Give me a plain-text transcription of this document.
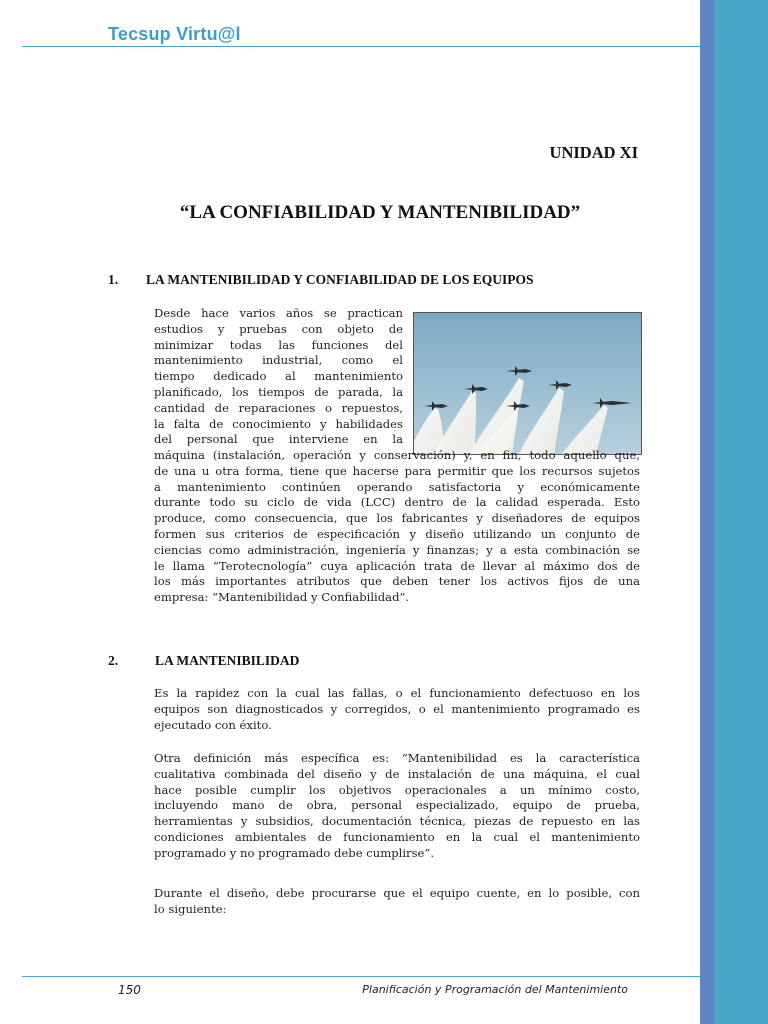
Tecsup Virtu@l
UNIDAD XI
“LA CONFIABILIDAD Y MANTENIBILIDAD”
1. LA MANTENIBILIDAD Y CONFIABILIDAD DE LOS EQUIPOS
Desde hace varios años se practican
estudios y pruebas con objeto de
minimizar todas las funciones del
mantenimiento industrial, como el
tiempo dedicado al mantenimiento
planificado, los tiempos de parada, la
cantidad de reparaciones o repuestos,
la falta de conocimiento y habilidades
del personal que interviene en la
máquina (instalación, operación y conservación) y, en fin, todo aquello que,
de una u otra forma, tiene que hacerse para permitir que los recursos sujetos
a mantenimiento continúen operando satisfactoria y económicamente
durante todo su ciclo de vida (LCC) dentro de la calidad esperada. Esto
produce, como consecuencia, que los fabricantes y diseñadores de equipos
formen sus criterios de especificación y diseño utilizando un conjunto de
ciencias como administración, ingeniería y finanzas; y a esta combinación se
le llama “Terotecnología” cuya aplicación trata de llevar al máximo dos de
los más importantes atributos que deben tener los activos fijos de una
empresa: “Mantenibilidad y Confiabilidad”.
2.	LA MANTENIBILIDAD
Es la rapidez con la cual las fallas, o el funcionamiento defectuoso en los
equipos son diagnosticados y corregidos, o el mantenimiento programado es
ejecutado con éxito.
Otra definición más específica es: “Mantenibilidad es la característica
cualitativa combinada del diseño y de instalación de una máquina, el cual
hace posible cumplir los objetivos operacionales a un mínimo costo,
incluyendo mano de obra, personal especializado, equipo de prueba,
herramientas y subsidios, documentación técnica, piezas de repuesto en las
condiciones ambientales de funcionamiento en la cual el mantenimiento
programado y no programado debe cumplirse”.
Durante el diseño, debe procurarse que el equipo cuente, en lo posible, con
lo siguiente:
150	Planificación y Programación del Mantenimiento
